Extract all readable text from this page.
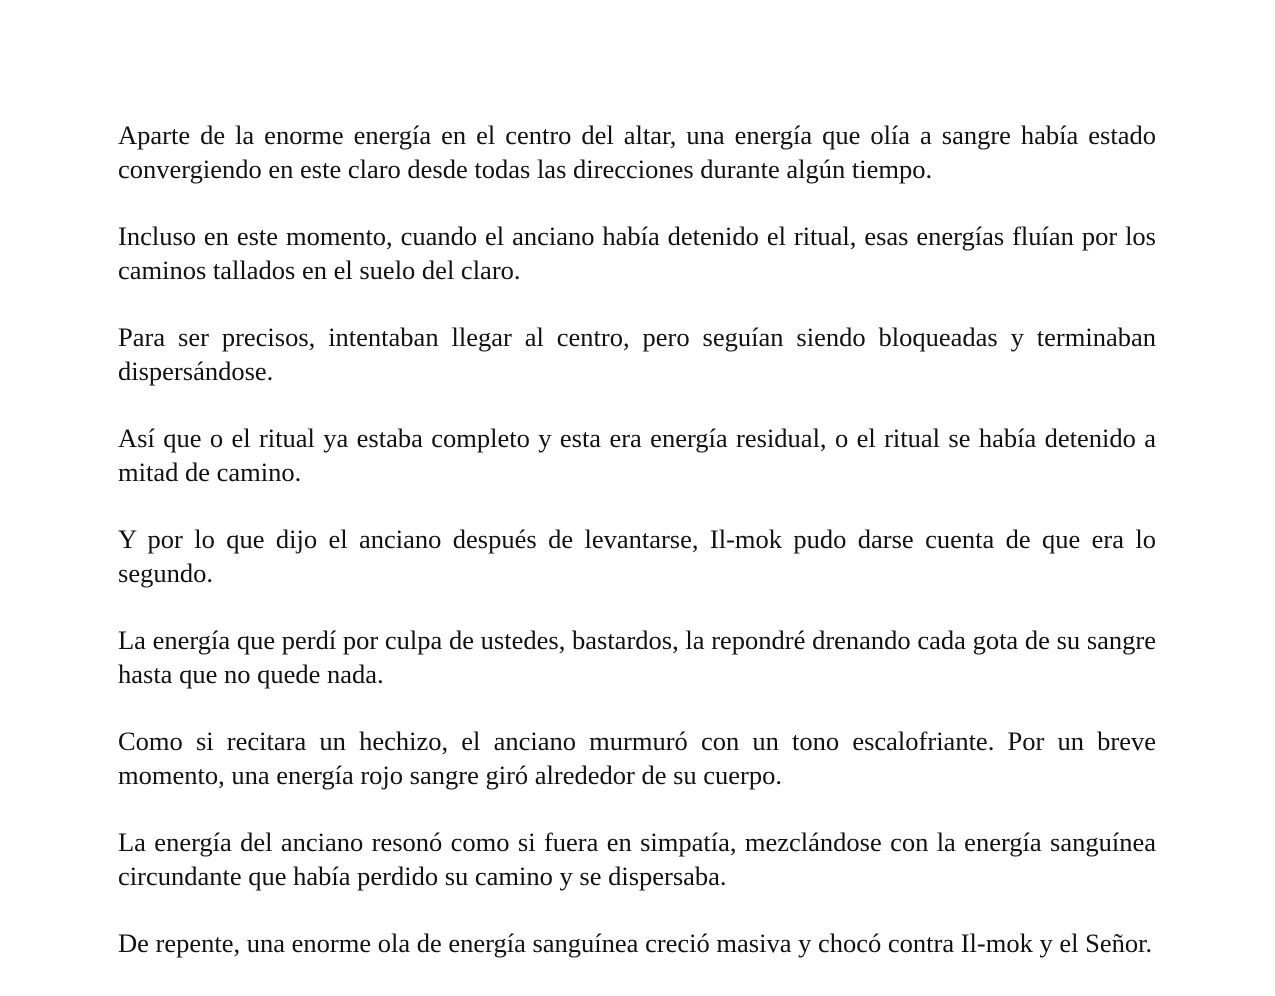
Aparte de la enorme energía en el centro del altar, una energía que olía a sangre había estado convergiendo en este claro desde todas las direcciones durante algún tiempo.

Incluso en este momento, cuando el anciano había detenido el ritual, esas energías fluían por los caminos tallados en el suelo del claro.

Para ser precisos, intentaban llegar al centro, pero seguían siendo bloqueadas y terminaban dispersándose.

Así que o el ritual ya estaba completo y esta era energía residual, o el ritual se había detenido a mitad de camino.

Y por lo que dijo el anciano después de levantarse, Il-mok pudo darse cuenta de que era lo segundo.

La energía que perdí por culpa de ustedes, bastardos, la repondré drenando cada gota de su sangre hasta que no quede nada.

Como si recitara un hechizo, el anciano murmuró con un tono escalofriante. Por un breve momento, una energía rojo sangre giró alrededor de su cuerpo.

La energía del anciano resonó como si fuera en simpatía, mezclándose con la energía sanguínea circundante que había perdido su camino y se dispersaba.

De repente, una enorme ola de energía sanguínea creció masiva y chocó contra Il-mok y el Señor.
